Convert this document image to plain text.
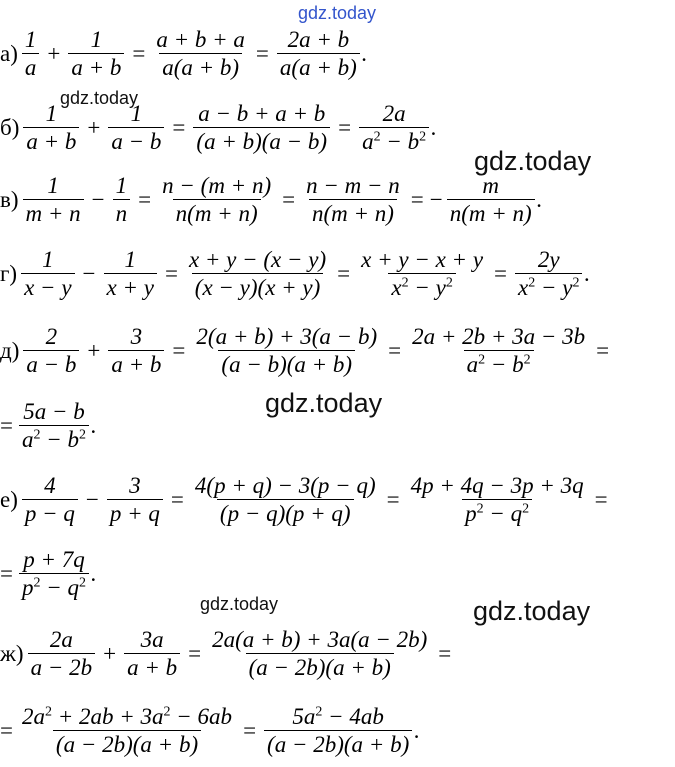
gdz.today
gdz.today
gdz.today
gdz.today
gdz.today	gdz.today
$а) \frac{1}{a} + \frac{1}{a + b} = \frac{a + b + a}{a(a + b)} = \frac{2a + b}{a(a + b)}$ .
$б) \frac{1}{a + b} + \frac{1}{a - b} = \frac{a - b + a + b}{(a + b)(a - b)} = \frac{2a}{a^2 - b^2}$ .
$в) \frac{1}{m + n} - \frac{1}{n} = \frac{n - (m + n)}{n(m + n)} = \frac{n - m - n}{n(m + n)}$ = − $\frac{m}{n(m + n)}$ .
$г) \frac{1}{x - y} - \frac{1}{x + y} = \frac{x + y - (x - y)}{(x - y)(x + y)} = \frac{x + y - x + y}{x^2 - y^2} = \frac{2y}{x^2 - y^2}$ .
$д) \frac{2}{a - b} + \frac{3}{a + b} = \frac{2(a + b) + 3(a - b)}{(a - b)(a + b)} = \frac{2a + 2b + 3a - 3b}{a^2 - b^2}$ =
= $\frac{5a - b}{a^2 - b^2}$ .
$е) \frac{4}{p - q} - \frac{3}{p + q} = \frac{4(p + q) - 3(p - q)}{(p - q)(p + q)} = \frac{4p + 4q - 3p + 3q}{p^2 - q^2}$ =
= $\frac{p + 7q}{p^2 - q^2}$ .
$ж) \frac{2a}{a - 2b} + \frac{3a}{a + b} = \frac{2a(a + b) + 3a(a - 2b)}{(a - 2b)(a + b)}$ =
= $\frac{2a^2 + 2ab + 3a^2 - 6ab}{(a - 2b)(a + b)} = \frac{5a^2 - 4ab}{(a - 2b)(a + b)}$ .
